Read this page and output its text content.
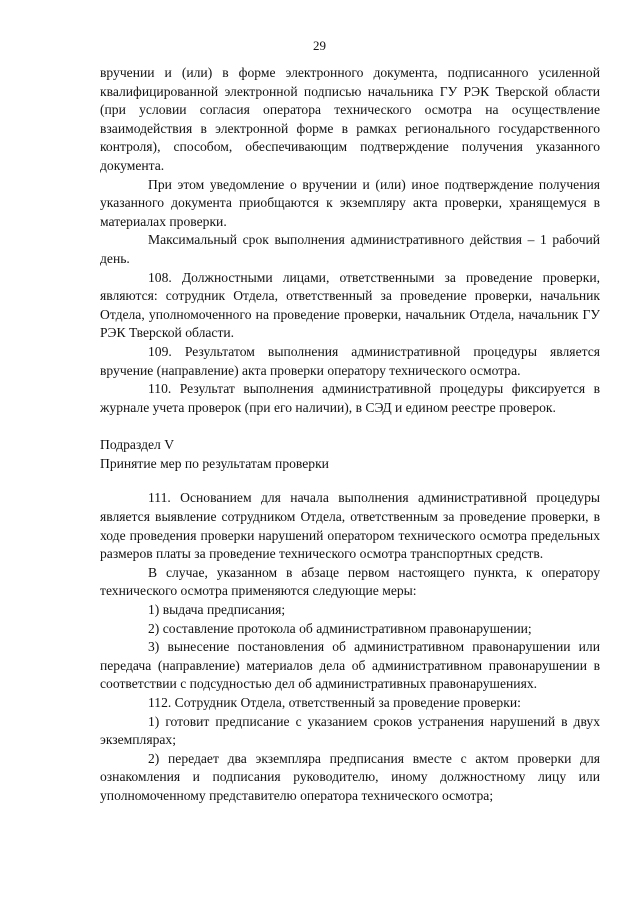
29

вручении и (или) в форме электронного документа, подписанного усиленной квалифицированной электронной подписью начальника ГУ РЭК Тверской области (при условии согласия оператора технического осмотра на осуществление взаимодействия в электронной форме в рамках регионального государственного контроля), способом, обеспечивающим подтверждение получения указанного документа.

При этом уведомление о вручении и (или) иное подтверждение получения указанного документа приобщаются к экземпляру акта проверки, хранящемуся в материалах проверки.

Максимальный срок выполнения административного действия – 1 рабочий день.

108. Должностными лицами, ответственными за проведение проверки, являются: сотрудник Отдела, ответственный за проведение проверки, начальник Отдела, уполномоченного на проведение проверки, начальник Отдела, начальник ГУ РЭК Тверской области.

109. Результатом выполнения административной процедуры является вручение (направление) акта проверки оператору технического осмотра.

110. Результат выполнения административной процедуры фиксируется в журнале учета проверок (при его наличии), в СЭД и едином реестре проверок.

Подраздел V

Принятие мер по результатам проверки

111. Основанием для начала выполнения административной процедуры является выявление сотрудником Отдела, ответственным за проведение проверки, в ходе проведения проверки нарушений оператором технического осмотра предельных размеров платы за проведение технического осмотра транспортных средств.

В случае, указанном в абзаце первом настоящего пункта, к оператору технического осмотра применяются следующие меры:

1) выдача предписания;

2) составление протокола об административном правонарушении;

3) вынесение постановления об административном правонарушении или передача (направление) материалов дела об административном правонарушении в соответствии с подсудностью дел об административных правонарушениях.

112. Сотрудник Отдела, ответственный за проведение проверки:

1) готовит предписание с указанием сроков устранения нарушений в двух экземплярах;

2) передает два экземпляра предписания вместе с актом проверки для ознакомления и подписания руководителю, иному должностному лицу или уполномоченному представителю оператора технического осмотра;
